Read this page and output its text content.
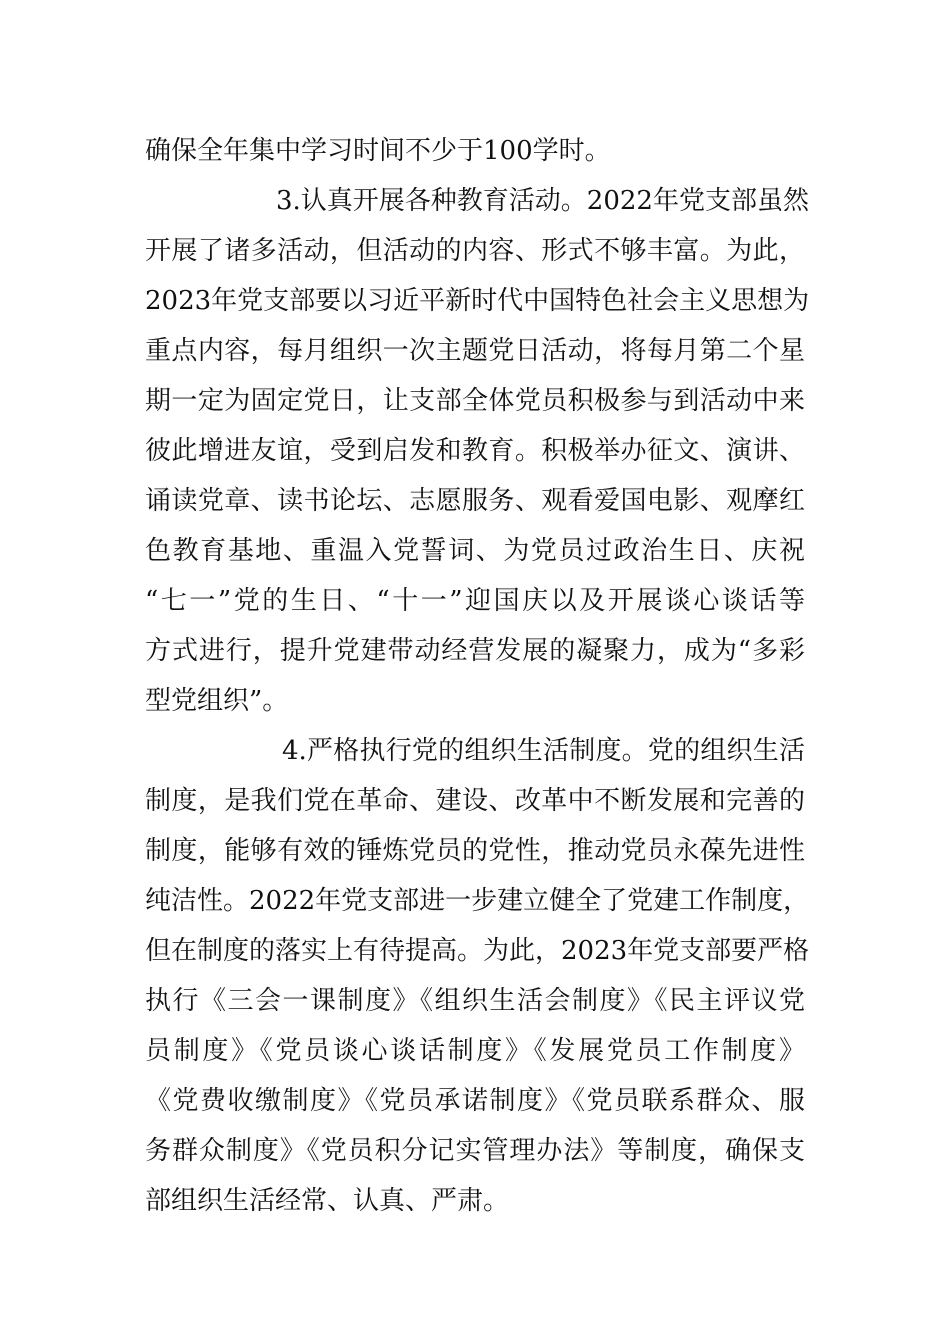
确保全年集中学习时间不少于100学时。
3.认真开展各种教育活动。2022年党支部虽然
开展了诸多活动，但活动的内容、形式不够丰富。为此，
2023年党支部要以习近平新时代中国特色社会主义思想为
重点内容，每月组织一次主题党日活动，将每月第二个星
期一定为固定党日，让支部全体党员积极参与到活动中来
彼此增进友谊，受到启发和教育。积极举办征文、演讲、
诵读党章、读书论坛、志愿服务、观看爱国电影、观摩红
色教育基地、重温入党誓词、为党员过政治生日、庆祝
“七一”党的生日、“十一”迎国庆以及开展谈心谈话等
方式进行，提升党建带动经营发展的凝聚力，成为“多彩
型党组织”。
4.严格执行党的组织生活制度。党的组织生活
制度，是我们党在革命、建设、改革中不断发展和完善的
制度，能够有效的锤炼党员的党性，推动党员永葆先进性
纯洁性。2022年党支部进一步建立健全了党建工作制度，
但在制度的落实上有待提高。为此，2023年党支部要严格
执行《三会一课制度》《组织生活会制度》《民主评议党
员制度》《党员谈心谈话制度》《发展党员工作制度》
《党费收缴制度》《党员承诺制度》《党员联系群众、服
务群众制度》《党员积分记实管理办法》等制度，确保支
部组织生活经常、认真、严肃。
